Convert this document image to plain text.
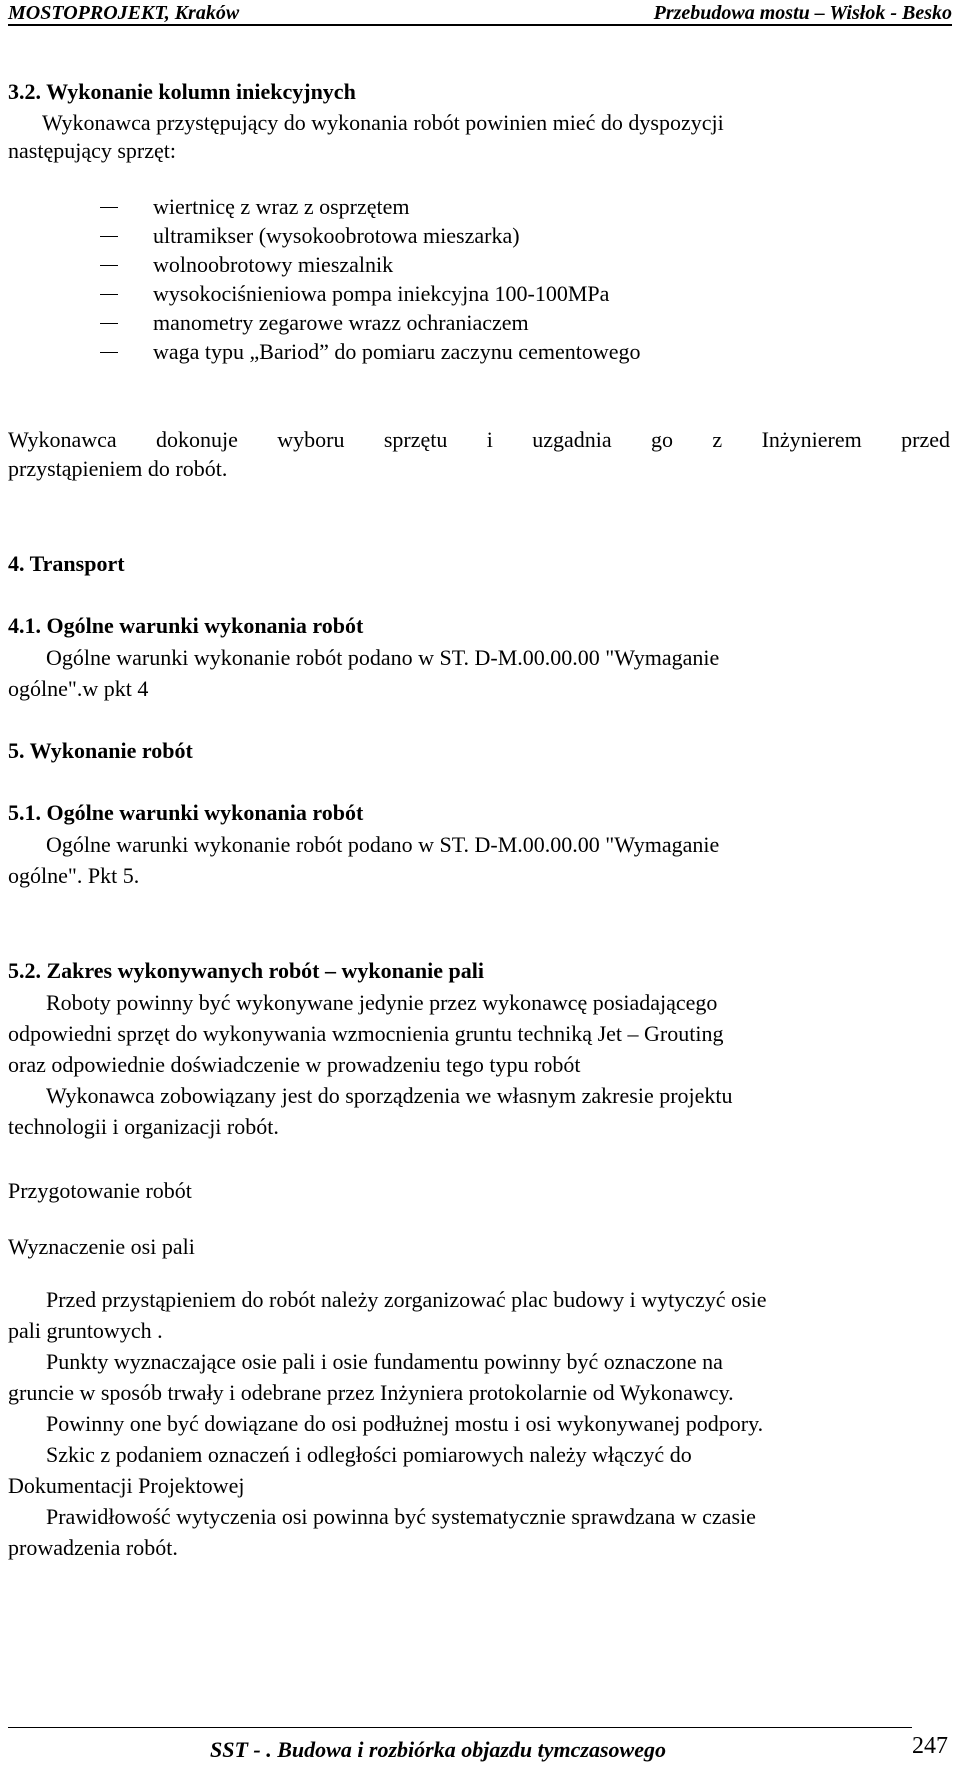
MOSTOPROJEKT, Kraków	Przebudowa mostu – Wisłok - Besko
3.2. Wykonanie kolumn iniekcyjnych
Wykonawca przystępujący do wykonania robót powinien mieć do dyspozycji
następujący sprzęt:
wiertnicę z wraz z osprzętem
ultramikser (wysokoobrotowa mieszarka)
wolnoobrotowy mieszalnik
wysokociśnieniowa pompa iniekcyjna 100-100MPa
manometry zegarowe wrazz ochraniaczem
waga typu „Bariod” do pomiaru zaczynu cementowego
Wykonawca dokonuje wyboru sprzętu i uzgadnia go z Inżynierem przed
przystąpieniem do robót.
4. Transport
4.1. Ogólne warunki wykonania robót
Ogólne warunki wykonanie robót podano w ST. D-M.00.00.00 "Wymaganie
ogólne".w pkt 4
5. Wykonanie robót
5.1. Ogólne warunki wykonania robót
Ogólne warunki wykonanie robót podano w ST. D-M.00.00.00 "Wymaganie
ogólne". Pkt 5.
5.2. Zakres wykonywanych robót – wykonanie pali
Roboty powinny być wykonywane jedynie przez wykonawcę posiadającego
odpowiedni sprzęt do wykonywania wzmocnienia gruntu techniką Jet – Grouting
oraz odpowiednie doświadczenie w prowadzeniu tego typu robót
Wykonawca zobowiązany jest do sporządzenia we własnym zakresie projektu
technologii i organizacji robót.
Przygotowanie robót
Wyznaczenie osi pali
Przed przystąpieniem do robót należy zorganizować plac budowy i wytyczyć osie
pali gruntowych .
Punkty wyznaczające osie pali i osie fundamentu powinny być oznaczone na
gruncie w sposób trwały i odebrane przez Inżyniera protokolarnie od Wykonawcy.
Powinny one być dowiązane do osi podłużnej mostu i osi wykonywanej podpory.
Szkic z podaniem oznaczeń i odległości pomiarowych należy włączyć do
Dokumentacji Projektowej
Prawidłowość wytyczenia osi powinna być systematycznie sprawdzana w czasie
prowadzenia robót.
SST - . Budowa i rozbiórka objazdu tymczasowego	247
